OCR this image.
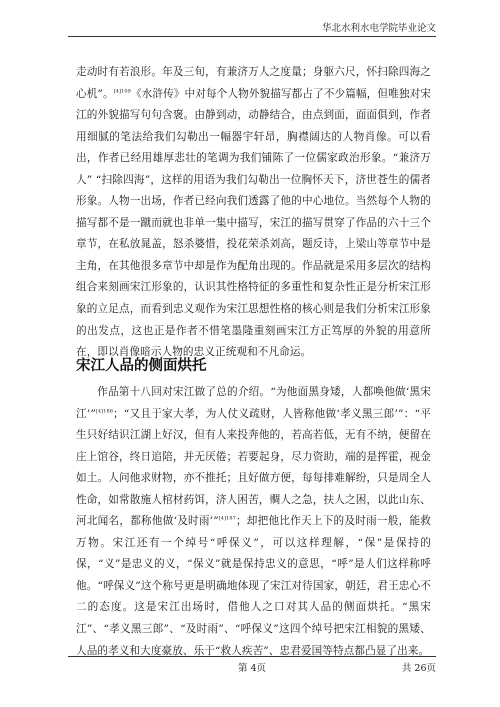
华北水利水电学院毕业论文

走动时有若浪形。年及三旬，有兼济万人之度量；身躯六尺，怀扫除四海之心机”。$^{[4]109}$《水浒传》中对每个人物外貌描写都占了不少篇幅，但唯独对宋江的外貌描写句句含褒。由静到动，动静结合，由点到面，面面俱到，作者用细腻的笔法给我们勾勒出一幅器宇轩昂，胸襟阔达的人物肖像。可以看出，作者已经用雄厚悲壮的笔调为我们铺陈了一位儒家政治形象。“兼济万人” “扫除四海”，这样的用语为我们勾勒出一位胸怀天下，济世苍生的儒者形象。人物一出场，作者已经向我们透露了他的中心地位。当然每个人物的描写都不是一蹴而就也非单一集中描写，宋江的描写贯穿了作品的六十三个章节，在私放晁盖，怒杀婆惜，投花荣杀刘高，题反诗，上梁山等章节中是主角，在其他很多章节中却是作为配角出现的。作品就是采用多层次的结构组合来刻画宋江形象的，认识其性格特征的多重性和复杂性正是分析宋江形象的立足点，而看到忠义观作为宋江思想性格的核心则是我们分析宋江形象的出发点，这也正是作者不惜笔墨隆重刻画宋江方正笃厚的外貌的用意所在，即以肖像暗示人物的忠义正统观和不凡命运。

宋江人品的侧面烘托

作品第十八回对宋江做了总的介绍。“为他面黑身矮，人都唤他做‘黑宋江’”$^{[4]186}$；“又且于家大孝，为人仗义疏财，人皆称他做‘孝义黑三郎’”：“平生只好结识江湖上好汉，但有人来投奔他的，若高若低，无有不纳，便留在庄上馆谷，终日追陪，并无厌倦；若要起身，尽力资助，端的是挥霍，视金如土。人问他求财物，亦不推托；且好做方便，每每排难解纷，只是周全人性命，如常散施人棺材药饵，济人困苦，赒人之急，扶人之困，以此山东、河北闻名，都称他做‘及时雨’”$^{[4]187}$；却把他比作天上下的及时雨一般，能救万物。宋江还有一个绰号“呼保义”，可以这样理解，“保”是保持的保，“义”是忠义的义，“保义”就是保持忠义的意思，“呼”是人们这样称呼他。“呼保义”这个称号更是明确地体现了宋江对待国家，朝廷，君王忠心不二的态度。这是宋江出场时，借他人之口对其人品的侧面烘托。“黑宋江”、“孝义黑三郎”、“及时雨”、“呼保义”这四个绰号把宋江相貌的黑矮、人品的孝义和大度豪放、乐于“救人疾苦”、忠君爱国等特点都凸显了出来。

第 4页	共 26页
